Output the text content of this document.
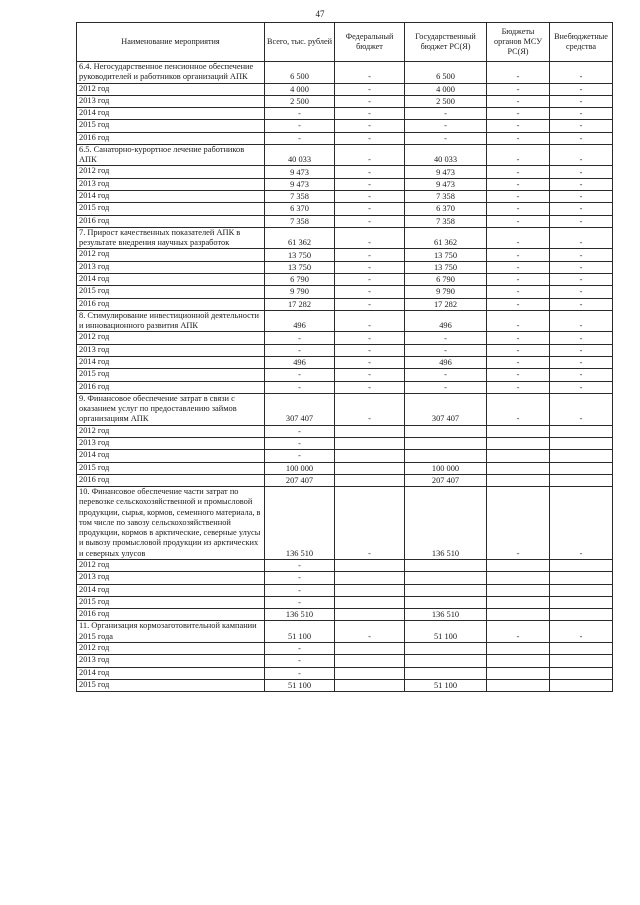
47
Наименование мероприятия	Всего, тыс. рублей	Федеральный бюджет	Государственный бюджет РС(Я)	Бюджеты органов МСУ РС(Я)	Внебюджетные средства
6.4. Негосударственное пенсионное обеспечение руководителей и работников организаций АПК	6 500	-	6 500	-	-
2012 год	4 000	-	4 000	-	-
2013 год	2 500	-	2 500	-	-
2014 год	-	-	-	-	-
2015 год	-	-	-	-	-
2016 год	-	-	-	-	-
6.5. Санаторно-курортное лечение работников АПК	40 033	-	40 033	-	-
2012 год	9 473	-	9 473	-	-
2013 год	9 473	-	9 473	-	-
2014 год	7 358	-	7 358	-	-
2015 год	6 370	-	6 370	-	-
2016 год	7 358	-	7 358	-	-
7. Прирост качественных показателей АПК в результате внедрения научных разработок	61 362	-	61 362	-	-
2012 год	13 750	-	13 750	-	-
2013 год	13 750	-	13 750	-	-
2014 год	6 790	-	6 790	-	-
2015 год	9 790	-	9 790	-	-
2016 год	17 282	-	17 282	-	-
8. Стимулирование инвестиционной деятельности и инновационного развития АПК	496	-	496	-	-
2012 год	-	-	-	-	-
2013 год	-	-	-	-	-
2014 год	496	-	496	-	-
2015 год	-	-	-	-	-
2016 год	-	-	-	-	-
9. Финансовое обеспечение затрат в связи с оказанием услуг по предоставлению займов организациям АПК	307 407	-	307 407	-	-
2012 год	-				
2013 год	-				
2014 год	-				
2015 год	100 000		100 000		
2016 год	207 407		207 407		
10. Финансовое обеспечение части затрат по перевозке сельскохозяйственной и промысловой продукции, сырья, кормов, семенного материала, в том числе по завозу сельскохозяйственной продукции, кормов в арктические, северные улусы и вывозу промысловой продукции из арктических и северных улусов	136 510	-	136 510	-	-
2012 год	-				
2013 год	-				
2014 год	-				
2015 год	-				
2016 год	136 510		136 510		
11. Организация кормозаготовительной кампании 2015 года	51 100	-	51 100	-	-
2012 год	-				
2013 год	-				
2014 год	-				
2015 год	51 100		51 100		
